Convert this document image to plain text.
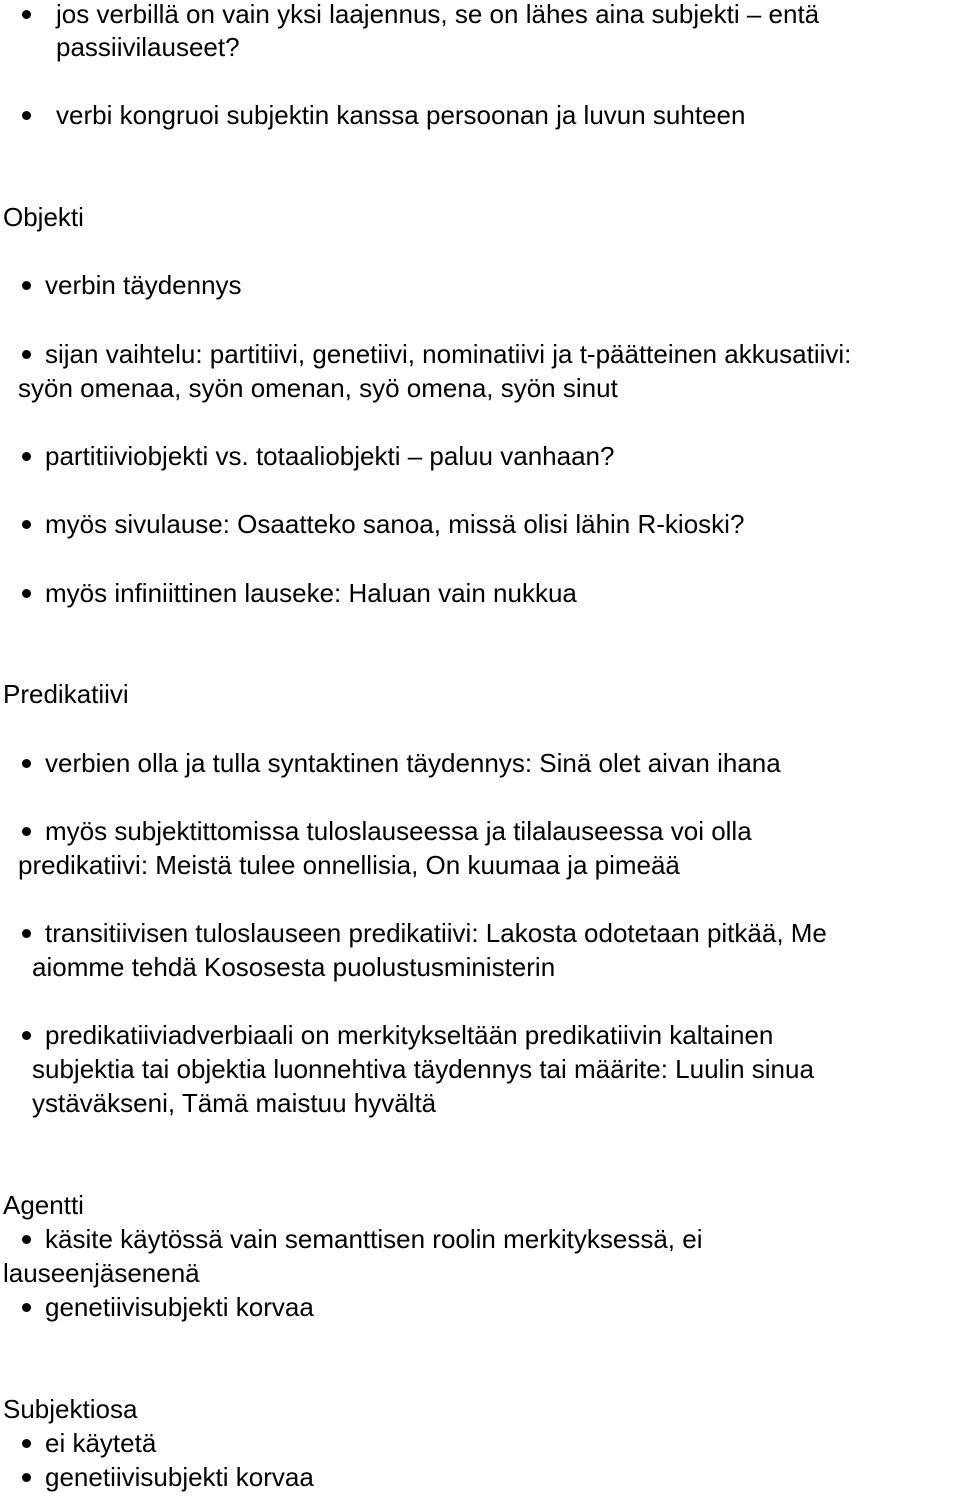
jos verbillä on vain yksi laajennus, se on lähes aina subjekti – entä
passiivilauseet?
verbi kongruoi subjektin kanssa persoonan ja luvun suhteen
Objekti
verbin täydennys
sijan vaihtelu: partitiivi, genetiivi, nominatiivi ja t-päätteinen akkusatiivi:
syön omenaa, syön omenan, syö omena, syön sinut
partitiiviobjekti vs. totaaliobjekti – paluu vanhaan?
myös sivulause: Osaatteko sanoa, missä olisi lähin R-kioski?
myös infiniittinen lauseke: Haluan vain nukkua
Predikatiivi
verbien olla ja tulla syntaktinen täydennys: Sinä olet aivan ihana
myös subjektittomissa tuloslauseessa ja tilalauseessa voi olla
predikatiivi: Meistä tulee onnellisia, On kuumaa ja pimeää
transitiivisen tuloslauseen predikatiivi: Lakosta odotetaan pitkää, Me
aiomme tehdä Kososesta puolustusministerin
predikatiiviadverbiaali on merkitykseltään predikatiivin kaltainen
subjektia tai objektia luonnehtiva täydennys tai määrite: Luulin sinua
ystäväkseni, Tämä maistuu hyvältä
Agentti
käsite käytössä vain semanttisen roolin merkityksessä, ei
lauseenjäsenenä
genetiivisubjekti korvaa
Subjektiosa
ei käytetä
genetiivisubjekti korvaa
